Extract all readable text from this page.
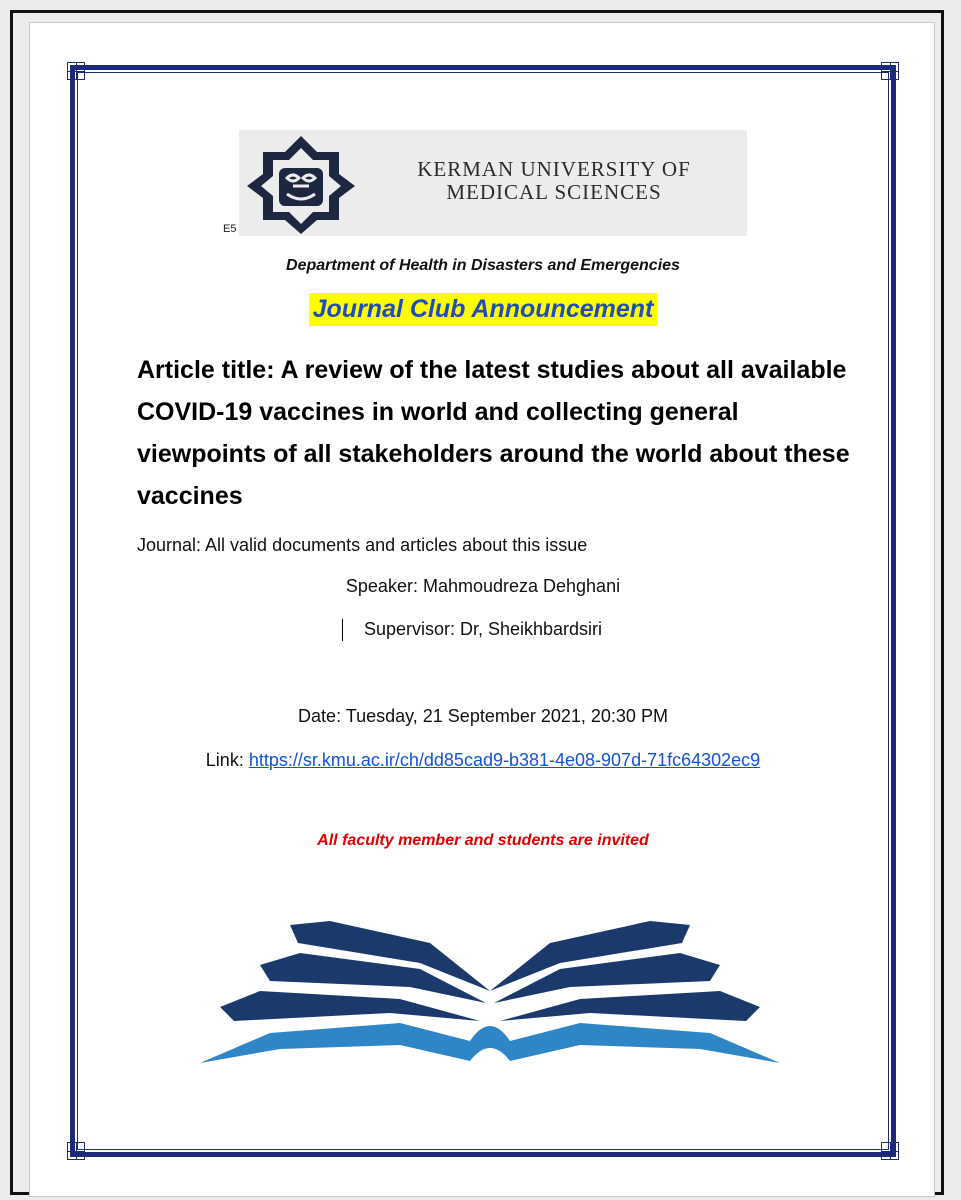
KERMAN UNIVERSITY OF
MEDICAL SCIENCES
E5
Department of Health in Disasters and Emergencies
Journal Club Announcement
Article title: A review of the latest studies about all available COVID-19 vaccines in world and collecting general viewpoints of all stakeholders around the world about these vaccines
Journal: All valid documents and articles about this issue
Speaker: Mahmoudreza Dehghani
Supervisor: Dr, Sheikhbardsiri
Date: Tuesday, 21 September 2021, 20:30 PM
Link: https://sr.kmu.ac.ir/ch/dd85cad9-b381-4e08-907d-71fc64302ec9
All faculty member and students are invited
